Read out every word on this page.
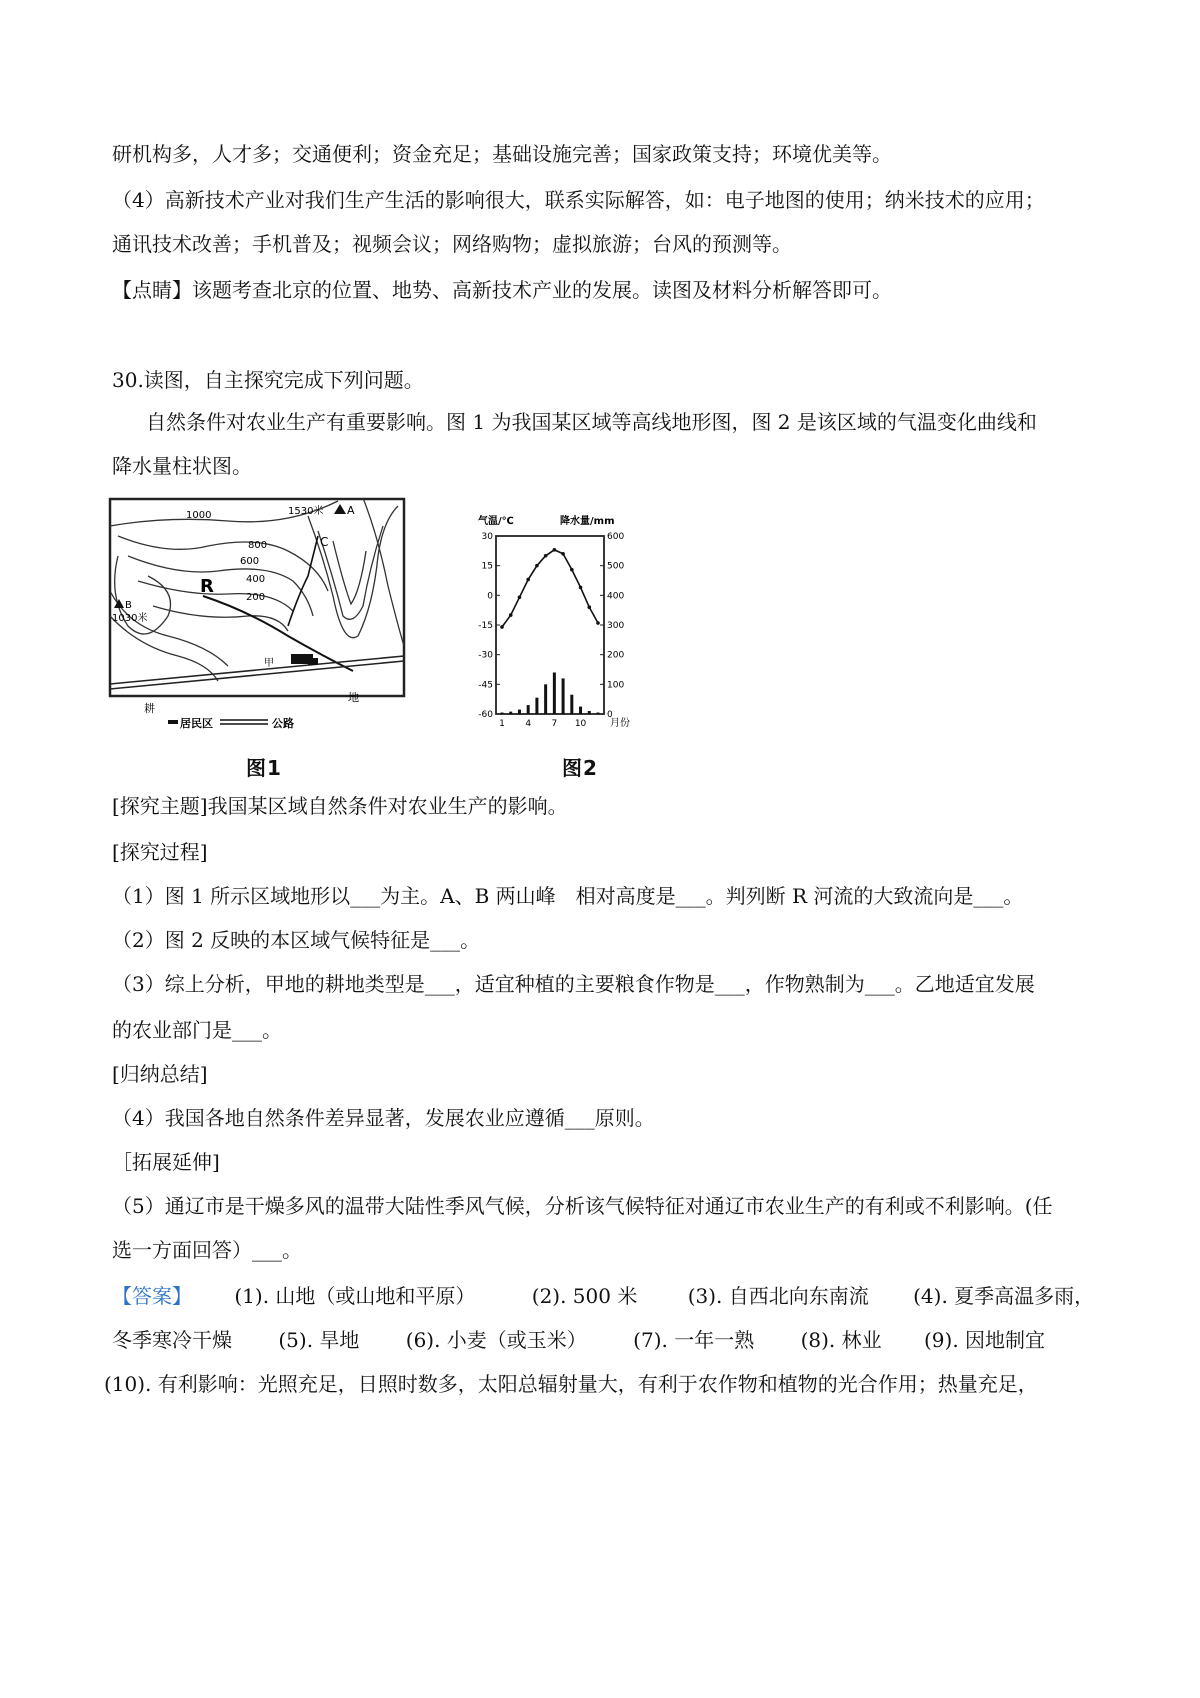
研机构多，人才多；交通便利；资金充足；基础设施完善；国家政策支持；环境优美等。
（4）高新技术产业对我们生产生活的影响很大，联系实际解答，如：电子地图的使用；纳米技术的应用；
通讯技术改善；手机普及；视频会议；网络购物；虚拟旅游；台风的预测等。
【点睛】该题考查北京的位置、地势、高新技术产业的发展。读图及材料分析解答即可。
30.读图，自主探究完成下列问题。
自然条件对农业生产有重要影响。图 1 为我国某区域等高线地形图，图 2 是该区域的气温变化曲线和
降水量柱状图。
1000
800
600
400
200
1530米 A
C
R
B
1030米
甲
耕
地
居民区	公路
图1
气温/℃	降水量/mm
30
15
0
-15
-30
-45
-60
600
500
400
300
200
100
0
1 4 7 10 月份
图2
[探究主题]我国某区域自然条件对农业生产的影响。
[探究过程]
（1）图 1 所示区域地形以___为主。A、B 两山峰　相对高度是___。判列断 R 河流的大致流向是___。
（2）图 2 反映的本区域气候特征是___。
（3）综上分析，甲地的耕地类型是___，适宜种植的主要粮食作物是___，作物熟制为___。乙地适宜发展
的农业部门是___。
[归纳总结]
（4）我国各地自然条件差异显著，发展农业应遵循___原则。
［拓展延伸]
（5）通辽市是干燥多风的温带大陆性季风气候，分析该气候特征对通辽市农业生产的有利或不利影响。(任
选一方面回答）___。
【答案】 (1). 山地（或山地和平原）	(2). 500 米	(3). 自西北向东南流 (4). 夏季高温多雨，
冬季寒冷干燥 (5). 旱地 (6). 小麦（或玉米） (7). 一年一熟 (8). 林业 (9). 因地制宜
(10). 有利影响：光照充足，日照时数多，太阳总辐射量大，有利于农作物和植物的光合作用；热量充足，
